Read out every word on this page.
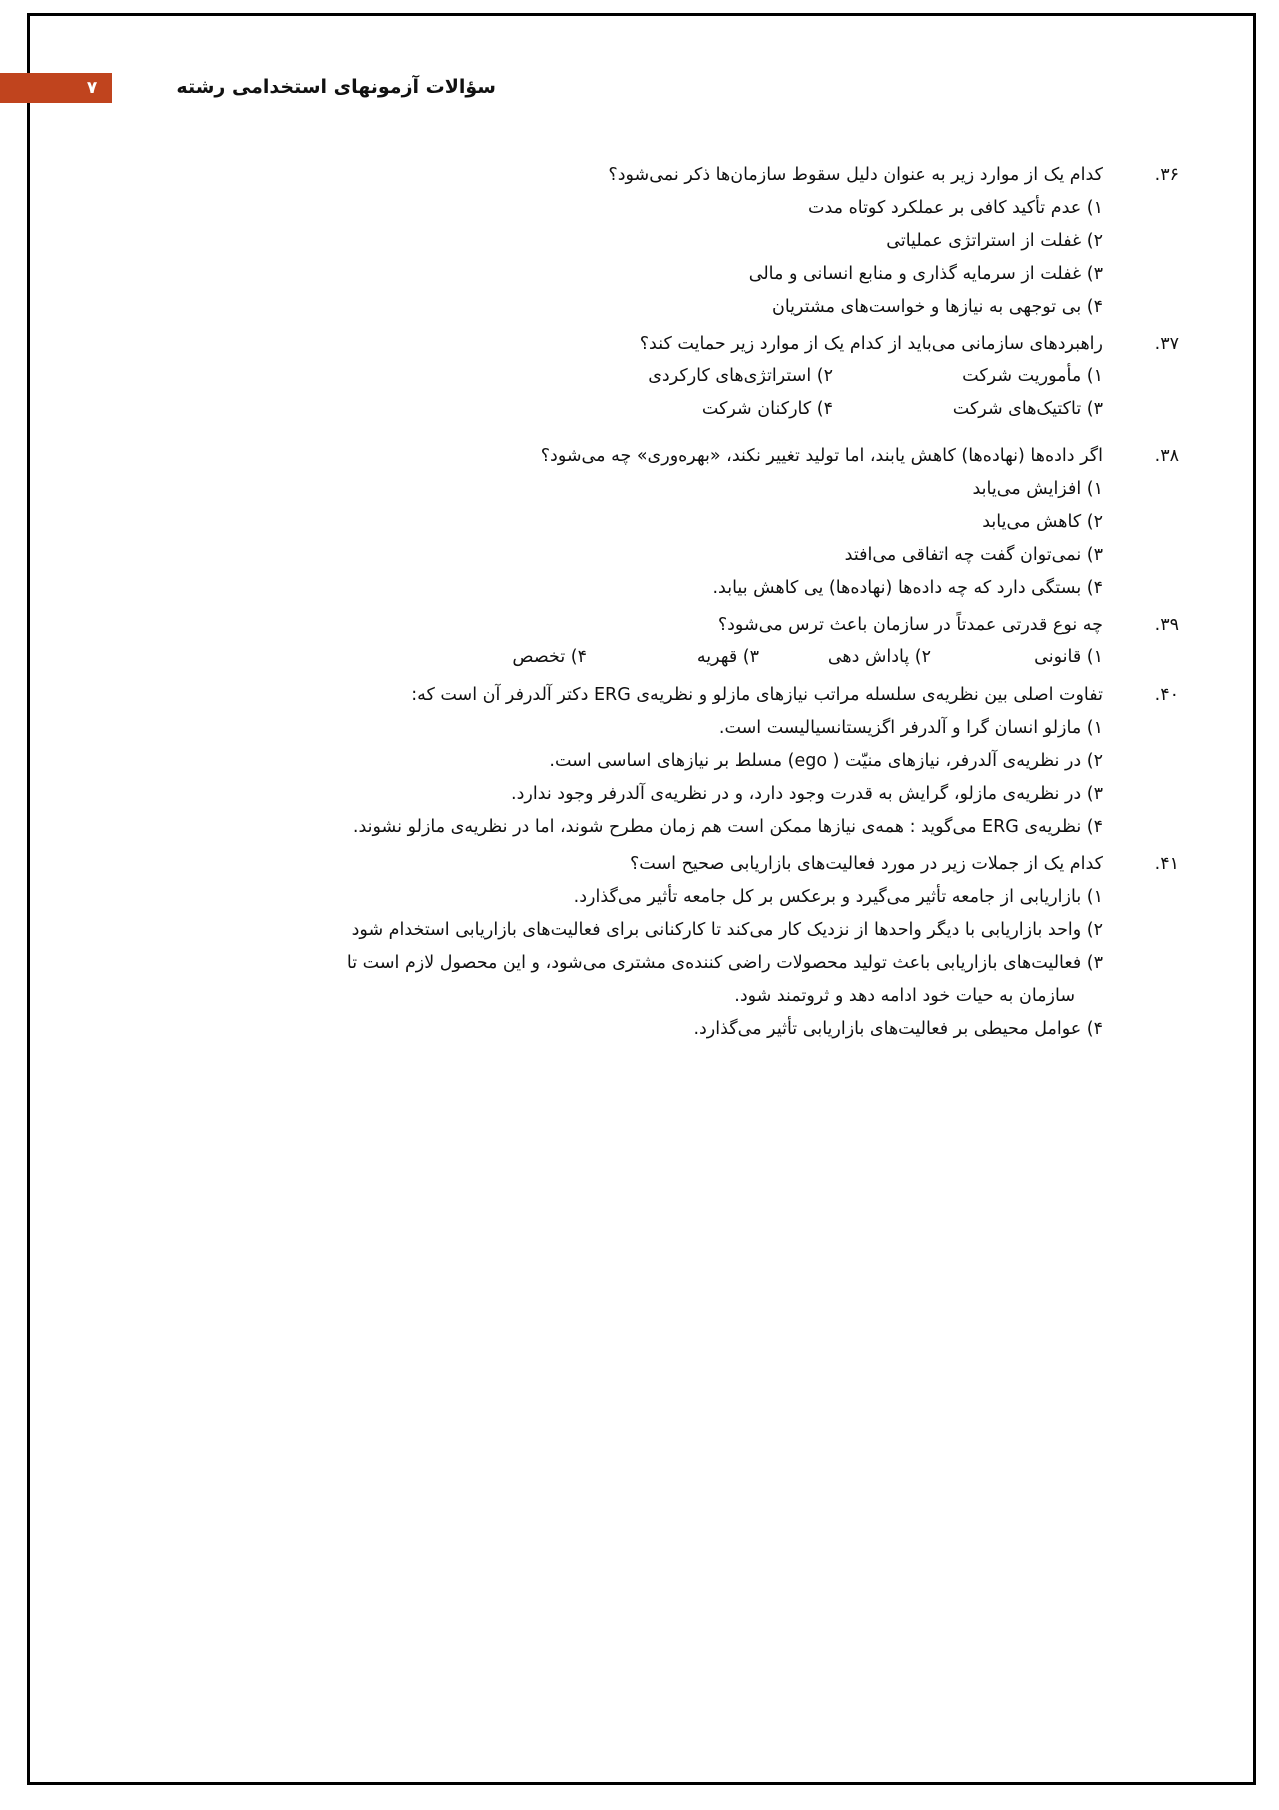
۷	سؤالات آزمونهای استخدامی رشته
۳۶.
کدام یک از موارد زیر به عنوان دلیل سقوط سازمان‌ها ذکر نمی‌شود؟
۱) عدم تأکید کافی بر عملکرد کوتاه مدت
۲) غفلت از استراتژی عملیاتی
۳) غفلت از سرمایه گذاری و منابع انسانی و مالی
۴) بی توجهی به نیازها و خواست‌های مشتریان
۳۷.
راهبردهای سازمانی می‌باید از کدام یک از موارد زیر حمایت کند؟
۱) مأموریت شرکت
۲) استراتژی‌های کارکردی
۳) تاکتیک‌های شرکت
۴) کارکنان شرکت
۳۸.
اگر داده‌ها (نهاده‌ها) کاهش یابند، اما تولید تغییر نکند، «بهره‌وری» چه می‌شود؟
۱) افزایش می‌یابد
۲) کاهش می‌یابد
۳) نمی‌توان گفت چه اتفاقی می‌افتد
۴) بستگی دارد که چه داده‌ها (نهاده‌ها) یی کاهش بیابد.
۳۹.
چه نوع قدرتی عمدتاً در سازمان باعث ترس می‌شود؟
۱) قانونی
۲) پاداش دهی
۳) قهریه
۴) تخصص
۴۰.
تفاوت اصلی بین نظریه‌ی سلسله مراتب نیازهای مازلو و نظریه‌ی ERG دکتر آلدرفر آن است که:
۱) مازلو انسان گرا و آلدرفر اگزیستانسیالیست است.
۲) در نظریه‌ی آلدرفر، نیازهای منیّت ( ego) مسلط بر نیازهای اساسی است.
۳) در نظریه‌ی مازلو، گرایش به قدرت وجود دارد، و در نظریه‌ی آلدرفر وجود ندارد.
۴) نظریه‌ی ERG می‌گوید : همه‌ی نیازها ممکن است هم زمان مطرح شوند، اما در نظریه‌ی مازلو نشوند.
۴۱.
کدام یک از جملات زیر در مورد فعالیت‌های بازاریابی صحیح است؟
۱) بازاریابی از جامعه تأثیر می‌گیرد و برعکس بر کل جامعه تأثیر می‌گذارد.
۲) واحد بازاریابی با دیگر واحدها از نزدیک کار می‌کند تا کارکنانی برای فعالیت‌های بازاریابی استخدام شود
۳) فعالیت‌های بازاریابی باعث تولید محصولات راضی کننده‌ی مشتری می‌شود، و این محصول لازم است تا
سازمان به حیات خود ادامه دهد و ثروتمند شود.
۴) عوامل محیطی بر فعالیت‌های بازاریابی تأثیر می‌گذارد.
